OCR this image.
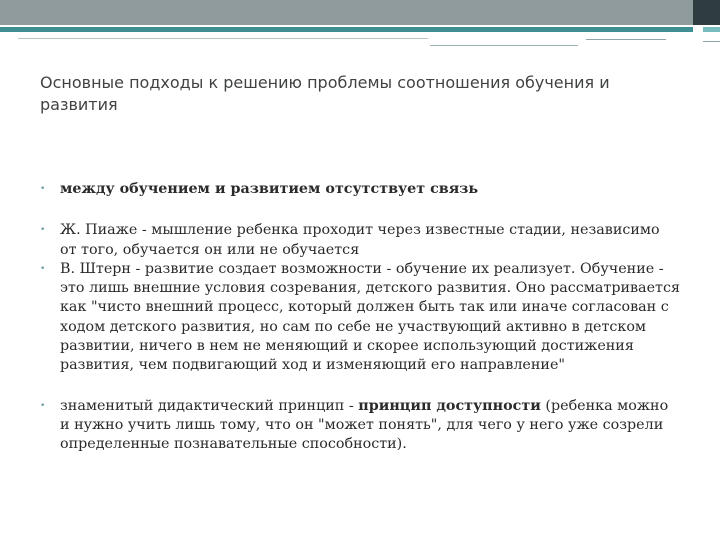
Основные подходы к решению проблемы соотношения обучения и развития

• между обучением и развитием отсутствует связь

• Ж. Пиаже - мышление ребенка проходит через известные стадии, независимо от того, обучается он или не обучается

• В. Штерн - развитие создает возможности - обучение их реализует. Обучение - это лишь внешние условия созревания, детского развития. Оно рассматривается как "чисто внешний процесс, который должен быть так или иначе согласован с ходом детского развития, но сам по себе не участвующий активно в детском развитии, ничего в нем не меняющий и скорее использующий достижения развития, чем подвигающий ход и изменяющий его направление"

• знаменитый дидактический принцип - принцип доступности (ребенка можно и нужно учить лишь тому, что он "может понять", для чего у него уже созрели определенные познавательные способности).
